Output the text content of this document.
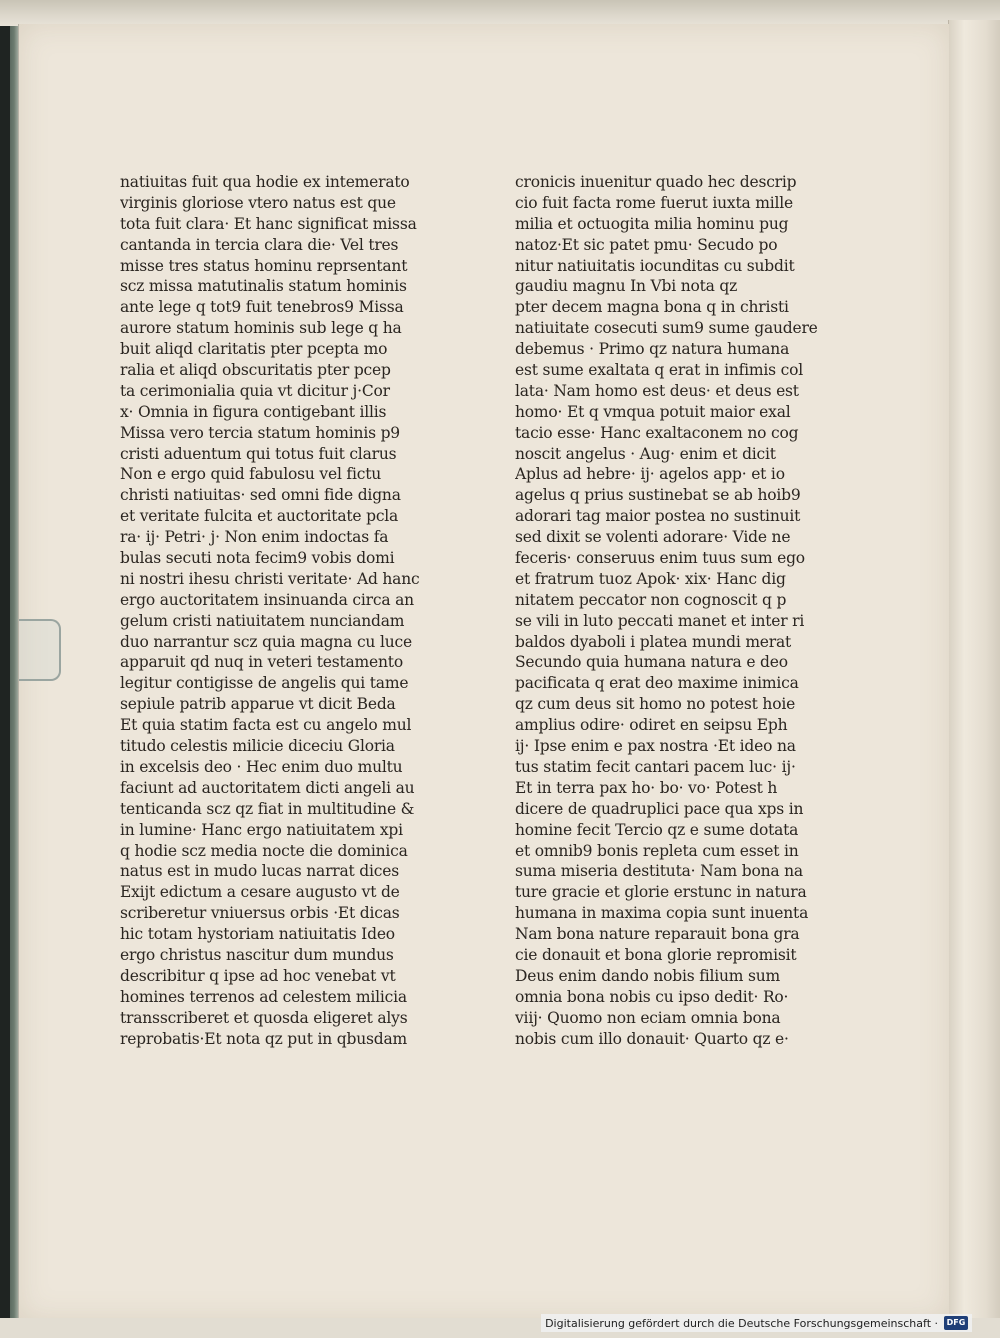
natiuitas fuit qua hodie ex intemerato
virginis gloriose vtero natus est que
tota fuit clara· Et hanc significat missa
cantanda in tercia clara die· Vel tres
misse tres status hominu reprsentant
scz missa matutinalis statum hominis
ante lege q tot9 fuit tenebros9 Missa
aurore statum hominis sub lege q ha
buit aliqd claritatis pter pcepta mo
ralia et aliqd obscuritatis pter pcep
ta cerimonialia quia vt dicitur j·Cor
x· Omnia in figura contigebant illis
Missa vero tercia statum hominis p9
cristi aduentum qui totus fuit clarus
Non e ergo quid fabulosu vel fictu
christi natiuitas· sed omni fide digna
et veritate fulcita et auctoritate pcla
ra· ij· Petri· j· Non enim indoctas fa
bulas secuti nota fecim9 vobis domi
ni nostri ihesu christi veritate· Ad hanc
ergo auctoritatem insinuanda circa an
gelum cristi natiuitatem nunciandam
duo narrantur scz quia magna cu luce
apparuit qd nuq in veteri testamento
legitur contigisse de angelis qui tame
sepiule patrib apparue vt dicit Beda
Et quia statim facta est cu angelo mul
titudo celestis milicie diceciu Gloria
in excelsis deo · Hec enim duo multu
faciunt ad auctoritatem dicti angeli au
tenticanda scz qz fiat in multitudine &
in lumine· Hanc ergo natiuitatem xpi
q hodie scz media nocte die dominica
natus est in mudo lucas narrat dices
Exijt edictum a cesare augusto vt de
scriberetur vniuersus orbis ·Et dicas
hic totam hystoriam natiuitatis Ideo
ergo christus nascitur dum mundus
describitur q ipse ad hoc venebat vt
homines terrenos ad celestem milicia
transscriberet et quosda eligeret alys
reprobatis·Et nota qz put in qbusdam
cronicis inuenitur quado hec descrip
cio fuit facta rome fuerut iuxta mille
milia et octuogita milia hominu pug
natoz·Et sic patet pmu· Secudo po
nitur natiuitatis iocunditas cu subdit
gaudiu magnu In Vbi nota qz
pter decem magna bona q in christi
natiuitate cosecuti sum9 sume gaudere
debemus · Primo qz natura humana
est sume exaltata q erat in infimis col
lata· Nam homo est deus· et deus est
homo· Et q vmqua potuit maior exal
tacio esse· Hanc exaltaconem no cog
noscit angelus · Aug· enim et dicit
Aplus ad hebre· ij· agelos app· et io
agelus q prius sustinebat se ab hoib9
adorari tag maior postea no sustinuit
sed dixit se volenti adorare· Vide ne
feceris· conseruus enim tuus sum ego
et fratrum tuoz Apok· xix· Hanc dig
nitatem peccator non cognoscit q p
se vili in luto peccati manet et inter ri
baldos dyaboli i platea mundi merat
Secundo quia humana natura e deo
pacificata q erat deo maxime inimica
qz cum deus sit homo no potest hoie
amplius odire· odiret en seipsu Eph
ij· Ipse enim e pax nostra ·Et ideo na
tus statim fecit cantari pacem luc· ij·
Et in terra pax ho· bo· vo· Potest h
dicere de quadruplici pace qua xps in
homine fecit Tercio qz e sume dotata
et omnib9 bonis repleta cum esset in
suma miseria destituta· Nam bona na
ture gracie et glorie erstunc in natura
humana in maxima copia sunt inuenta
Nam bona nature reparauit bona gra
cie donauit et bona glorie repromisit
Deus enim dando nobis filium sum
omnia bona nobis cu ipso dedit· Ro·
viij· Quomo non eciam omnia bona
nobis cum illo donauit· Quarto qz e·
Digitalisierung gefördert durch die Deutsche Forschungsgemeinschaft ·	DFG
